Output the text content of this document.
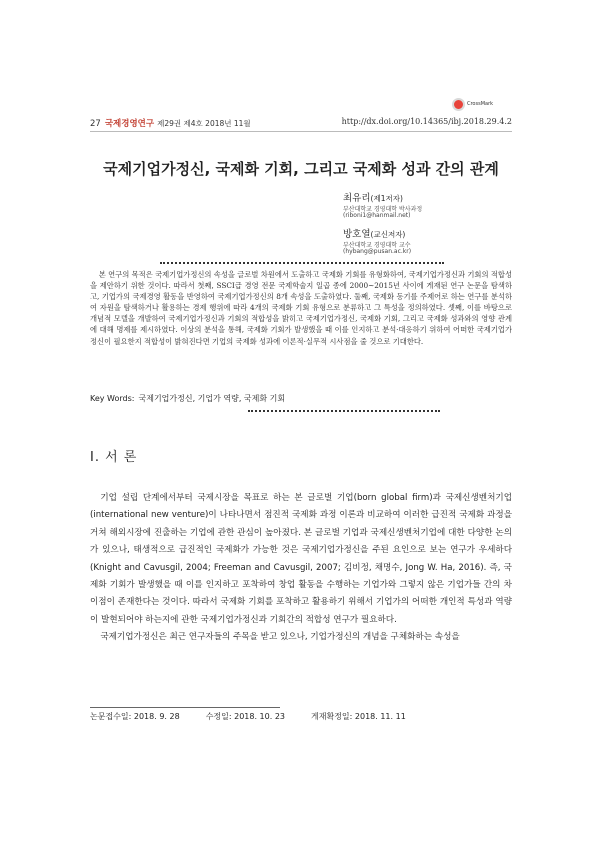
CrossMark
27 국제경영연구 제29권 제4호 2018년 11월	http://dx.doi.org/10.14365/ibj.2018.29.4.2
국제기업가정신, 국제화 기회, 그리고 국제화 성과 간의 관계
최유리(제1저자)
부산대학교 경영대학 박사과정
(riboni1@hanmail.net)
방호열(교신저자)
부산대학교 경영대학 교수
(hybang@pusan.ac.kr)
본 연구의 목적은 국제기업가정신의 속성을 글로벌 차원에서 도출하고 국제화 기회를 유형화하여, 국제기업가정신과 기회의 적합성을 제안하기 위한 것이다. 따라서 첫째, SSCI급 경영 전문 국제학술지 일곱 종에 2000~2015년 사이에 게재된 연구 논문을 탐색하고, 기업가의 국제경영 활동을 반영하여 국제기업가정신의 8개 속성을 도출하였다. 둘째, 국제화 동기를 주제어로 하는 연구를 분석하여 자원을 탐색하거나 활용하는 경제 행위에 따라 4개의 국제화 기회 유형으로 분류하고 그 특성을 정의하였다. 셋째, 이를 바탕으로 개념적 모델을 개발하여 국제기업가정신과 기회의 적합성을 밝히고 국제기업가정신, 국제화 기회, 그리고 국제화 성과와의 영향 관계에 대해 명제를 제시하였다. 이상의 분석을 통해, 국제화 기회가 발생했을 때 이를 인지하고 분석·대응하기 위하여 어떠한 국제기업가정신이 필요한지 적합성이 밝혀진다면 기업의 국제화 성과에 이론적·실무적 시사점을 줄 것으로 기대한다.
Key Words: 국제기업가정신, 기업가 역량, 국제화 기회
Ⅰ. 서 론

기업 설립 단계에서부터 국제시장을 목표로 하는 본 글로벌 기업(born global firm)과 국제신생벤처기업(international new venture)이 나타나면서 점진적 국제화 과정 이론과 비교하여 이러한 급진적 국제화 과정을 거쳐 해외시장에 진출하는 기업에 관한 관심이 높아졌다. 본 글로벌 기업과 국제신생벤처기업에 대한 다양한 논의가 있으나, 태생적으로 급진적인 국제화가 가능한 것은 국제기업가정신을 주된 요인으로 보는 연구가 우세하다(Knight and Cavusgil, 2004; Freeman and Cavusgil, 2007; 김비정, 채명수, Jong W. Ha, 2016). 즉, 국제화 기회가 발생했을 때 이를 인지하고 포착하여 창업 활동을 수행하는 기업가와 그렇지 않은 기업가들 간의 차이점이 존재한다는 것이다. 따라서 국제화 기회를 포착하고 활용하기 위해서 기업가의 어떠한 개인적 특성과 역량이 발현되어야 하는지에 관한 국제기업가정신과 기회간의 적합성 연구가 필요하다.

국제기업가정신은 최근 연구자들의 주목을 받고 있으나, 기업가정신의 개념을 구체화하는 속성을

논문접수일: 2018. 9. 28	수정일: 2018. 10. 23	게재확정일: 2018. 11. 11
